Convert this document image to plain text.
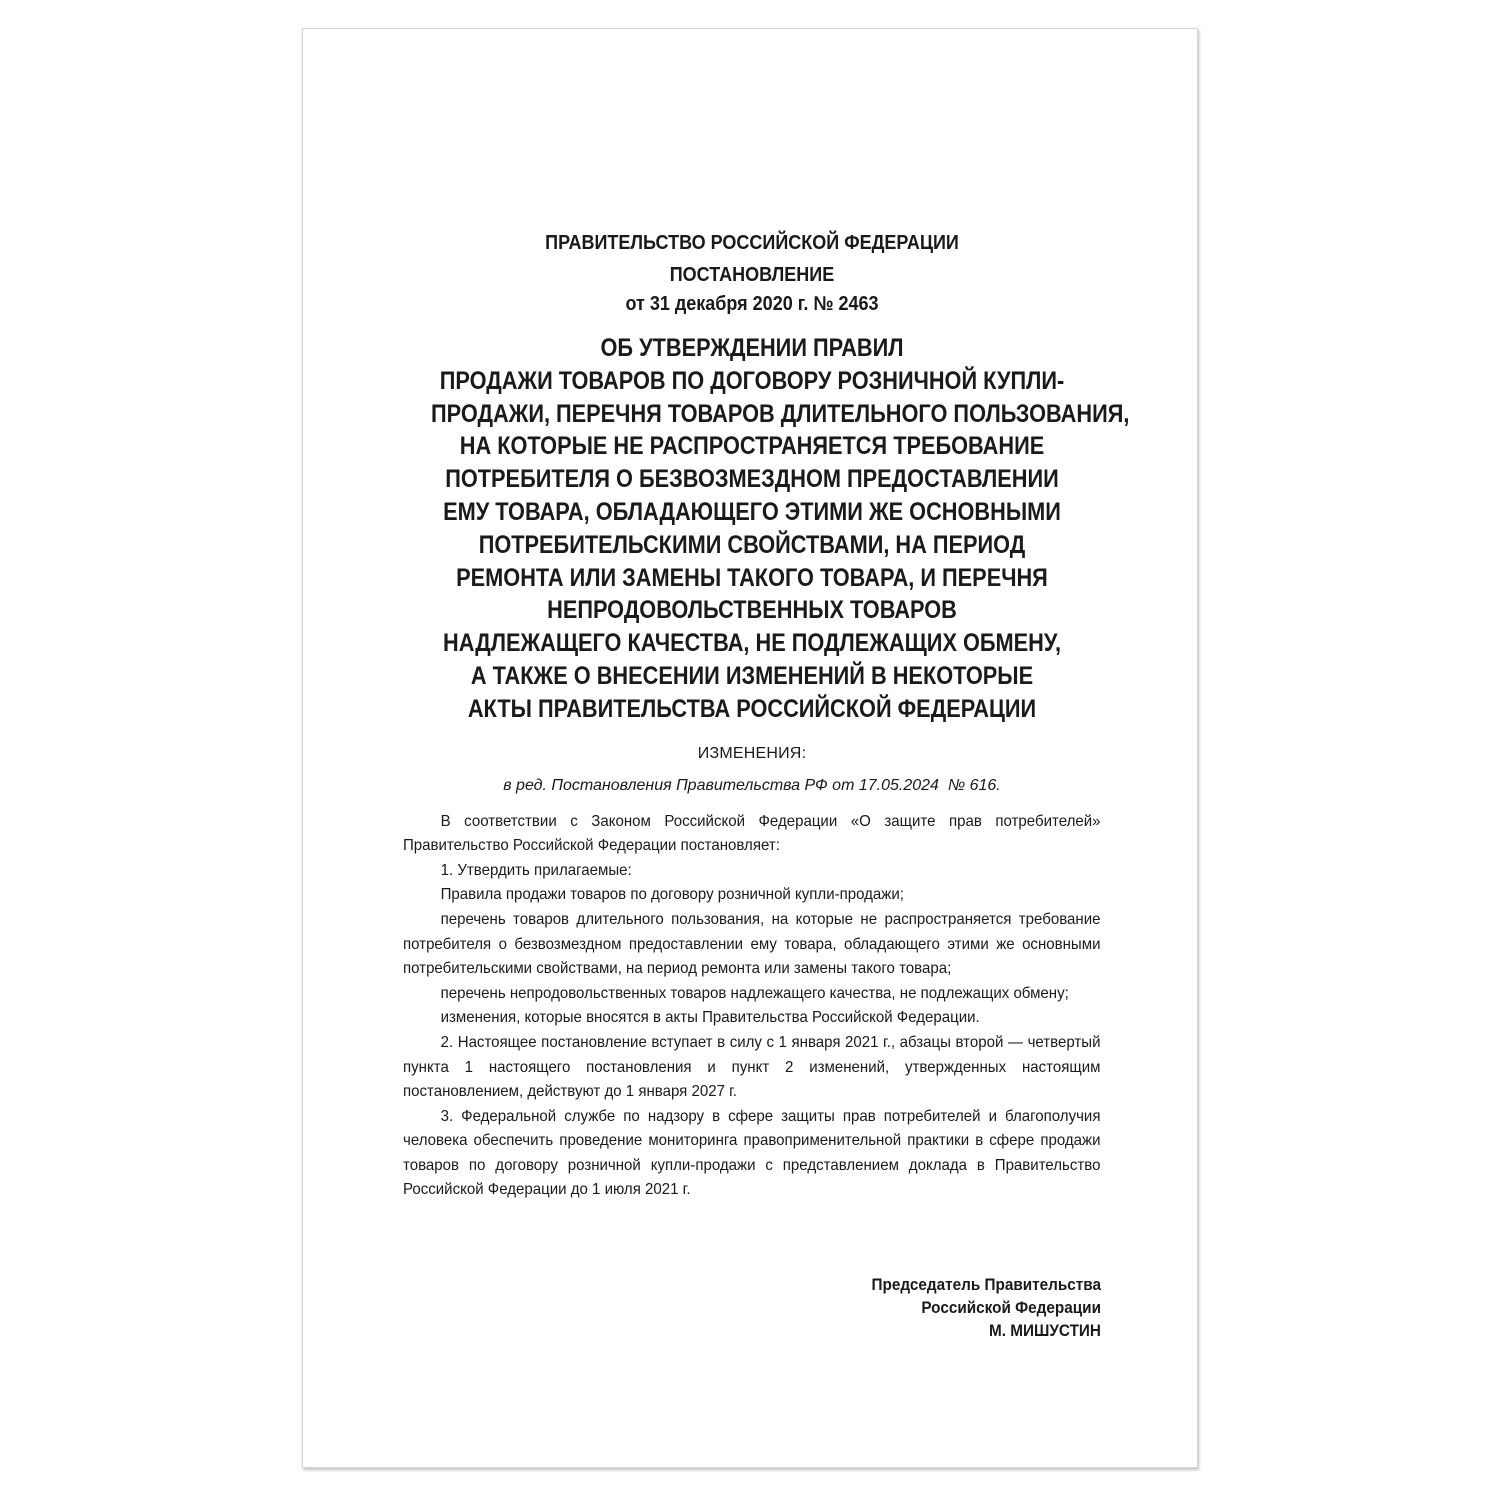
ПРАВИТЕЛЬСТВО РОССИЙСКОЙ ФЕДЕРАЦИИ
ПОСТАНОВЛЕНИЕ
от 31 декабря 2020 г. № 2463
ОБ УТВЕРЖДЕНИИ ПРАВИЛ
ПРОДАЖИ ТОВАРОВ ПО ДОГОВОРУ РОЗНИЧНОЙ КУПЛИ-
ПРОДАЖИ, ПЕРЕЧНЯ ТОВАРОВ ДЛИТЕЛЬНОГО ПОЛЬЗОВАНИЯ,
НА КОТОРЫЕ НЕ РАСПРОСТРАНЯЕТСЯ ТРЕБОВАНИЕ
ПОТРЕБИТЕЛЯ О БЕЗВОЗМЕЗДНОМ ПРЕДОСТАВЛЕНИИ
ЕМУ ТОВАРА, ОБЛАДАЮЩЕГО ЭТИМИ ЖЕ ОСНОВНЫМИ
ПОТРЕБИТЕЛЬСКИМИ СВОЙСТВАМИ, НА ПЕРИОД
РЕМОНТА ИЛИ ЗАМЕНЫ ТАКОГО ТОВАРА, И ПЕРЕЧНЯ
НЕПРОДОВОЛЬСТВЕННЫХ ТОВАРОВ
НАДЛЕЖАЩЕГО КАЧЕСТВА, НЕ ПОДЛЕЖАЩИХ ОБМЕНУ,
А ТАКЖЕ О ВНЕСЕНИИ ИЗМЕНЕНИЙ В НЕКОТОРЫЕ
АКТЫ ПРАВИТЕЛЬСТВА РОССИЙСКОЙ ФЕДЕРАЦИИ
ИЗМЕНЕНИЯ:
в ред. Постановления Правительства РФ от 17.05.2024  № 616.

В соответствии с Законом Российской Федерации «О защите прав потребителей» Правительство Российской Федерации постановляет:

1. Утвердить прилагаемые:

Правила продажи товаров по договору розничной купли-продажи;

перечень товаров длительного пользования, на которые не распространяется требование потребителя о безвозмездном предоставлении ему товара, обладающего этими же основными потребительскими свойствами, на период ремонта или замены такого товара;

перечень непродовольственных товаров надлежащего качества, не подлежащих обмену;

изменения, которые вносятся в акты Правительства Российской Федерации.

2. Настоящее постановление вступает в силу с 1 января 2021 г., абзацы второй — четвертый пункта 1 настоящего постановления и пункт 2 изменений, утвержденных настоящим постановлением, действуют до 1 января 2027 г.

3. Федеральной службе по надзору в сфере защиты прав потребителей и благополучия человека обеспечить проведение мониторинга правоприменительной практики в сфере продажи товаров по договору розничной купли-продажи с представлением доклада в Правительство Российской Федерации до 1 июля 2021 г.

Председатель Правительства
Российской Федерации
М. МИШУСТИН
